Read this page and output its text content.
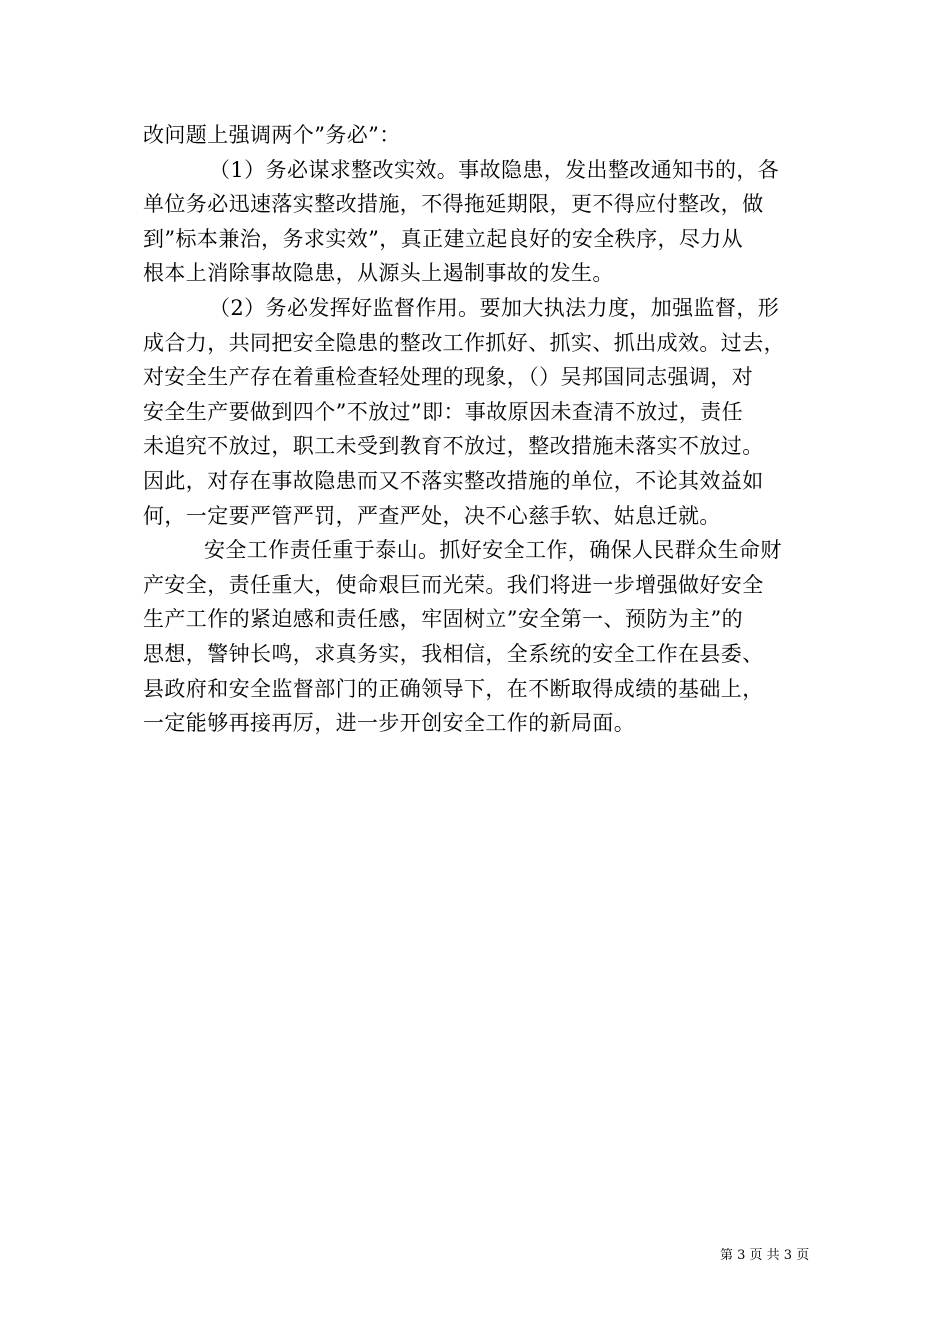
改问题上强调两个”务必”：
（1）务必谋求整改实效。事故隐患，发出整改通知书的，各
单位务必迅速落实整改措施，不得拖延期限，更不得应付整改，做
到”标本兼治，务求实效”，真正建立起良好的安全秩序，尽力从
根本上消除事故隐患，从源头上遏制事故的发生。
（2）务必发挥好监督作用。要加大执法力度，加强监督，形
成合力，共同把安全隐患的整改工作抓好、抓实、抓出成效。过去，
对安全生产存在着重检查轻处理的现象，（）吴邦国同志强调，对
安全生产要做到四个”不放过”即：事故原因未查清不放过，责任
未追究不放过，职工未受到教育不放过，整改措施未落实不放过。
因此，对存在事故隐患而又不落实整改措施的单位，不论其效益如
何，一定要严管严罚，严查严处，决不心慈手软、姑息迁就。
安全工作责任重于泰山。抓好安全工作，确保人民群众生命财
产安全，责任重大，使命艰巨而光荣。我们将进一步增强做好安全
生产工作的紧迫感和责任感，牢固树立”安全第一、预防为主”的
思想，警钟长鸣，求真务实，我相信，全系统的安全工作在县委、
县政府和安全监督部门的正确领导下，在不断取得成绩的基础上，
一定能够再接再厉，进一步开创安全工作的新局面。
第 3 页 共 3 页
